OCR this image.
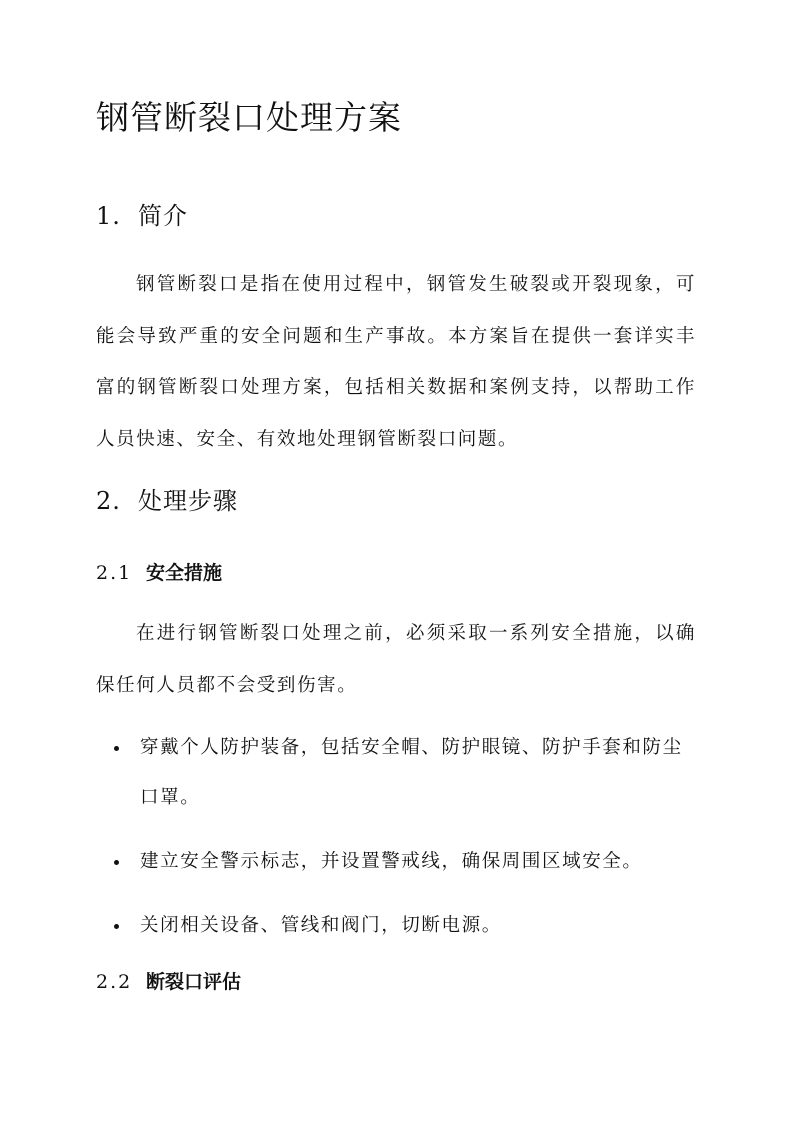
钢管断裂口处理方案
1. 简介

钢管断裂口是指在使用过程中，钢管发生破裂或开裂现象，可能会导致严重的安全问题和生产事故。本方案旨在提供一套详实丰富的钢管断裂口处理方案，包括相关数据和案例支持，以帮助工作人员快速、安全、有效地处理钢管断裂口问题。

2. 处理步骤
2.1 安全措施

在进行钢管断裂口处理之前，必须采取一系列安全措施，以确保任何人员都不会受到伤害。

穿戴个人防护装备，包括安全帽、防护眼镜、防护手套和防尘口罩。
建立安全警示标志，并设置警戒线，确保周围区域安全。
关闭相关设备、管线和阀门，切断电源。
2.2 断裂口评估
